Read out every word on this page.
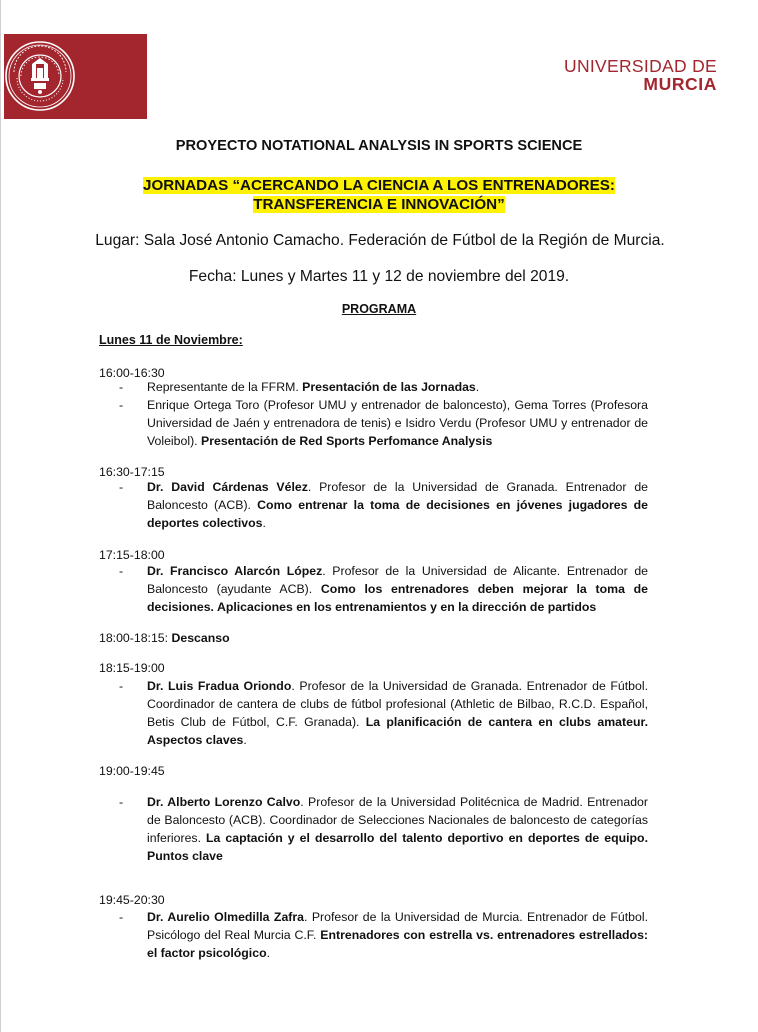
UNIVERSIDAD DE
MURCIA
PROYECTO NOTATIONAL ANALYSIS IN SPORTS SCIENCE
JORNADAS “ACERCANDO LA CIENCIA A LOS ENTRENADORES:
TRANSFERENCIA E INNOVACIÓN”
Lugar: Sala José Antonio Camacho. Federación de Fútbol de la Región de Murcia.
Fecha: Lunes y Martes 11 y 12 de noviembre del 2019.
PROGRAMA
Lunes 11 de Noviembre:
16:00-16:30
- Representante de la FFRM. Presentación de las Jornadas.
- Enrique Ortega Toro (Profesor UMU y entrenador de baloncesto), Gema Torres (Profesora Universidad de Jaén y entrenadora de tenis) e Isidro Verdu (Profesor UMU y entrenador de Voleibol). Presentación de Red Sports Perfomance Analysis
16:30-17:15
- Dr. David Cárdenas Vélez. Profesor de la Universidad de Granada. Entrenador de Baloncesto (ACB). Como entrenar la toma de decisiones en jóvenes jugadores de deportes colectivos.
17:15-18:00
- Dr. Francisco Alarcón López. Profesor de la Universidad de Alicante. Entrenador de Baloncesto (ayudante ACB). Como los entrenadores deben mejorar la toma de decisiones. Aplicaciones en los entrenamientos y en la dirección de partidos
18:00-18:15: Descanso
18:15-19:00
- Dr. Luis Fradua Oriondo. Profesor de la Universidad de Granada. Entrenador de Fútbol. Coordinador de cantera de clubs de fútbol profesional (Athletic de Bilbao, R.C.D. Español, Betis Club de Fútbol, C.F. Granada). La planificación de cantera en clubs amateur. Aspectos claves.
19:00-19:45
- Dr. Alberto Lorenzo Calvo. Profesor de la Universidad Politécnica de Madrid. Entrenador de Baloncesto (ACB). Coordinador de Selecciones Nacionales de baloncesto de categorías inferiores. La captación y el desarrollo del talento deportivo en deportes de equipo. Puntos clave
19:45-20:30
- Dr. Aurelio Olmedilla Zafra. Profesor de la Universidad de Murcia. Entrenador de Fútbol. Psicólogo del Real Murcia C.F. Entrenadores con estrella vs. entrenadores estrellados: el factor psicológico.
